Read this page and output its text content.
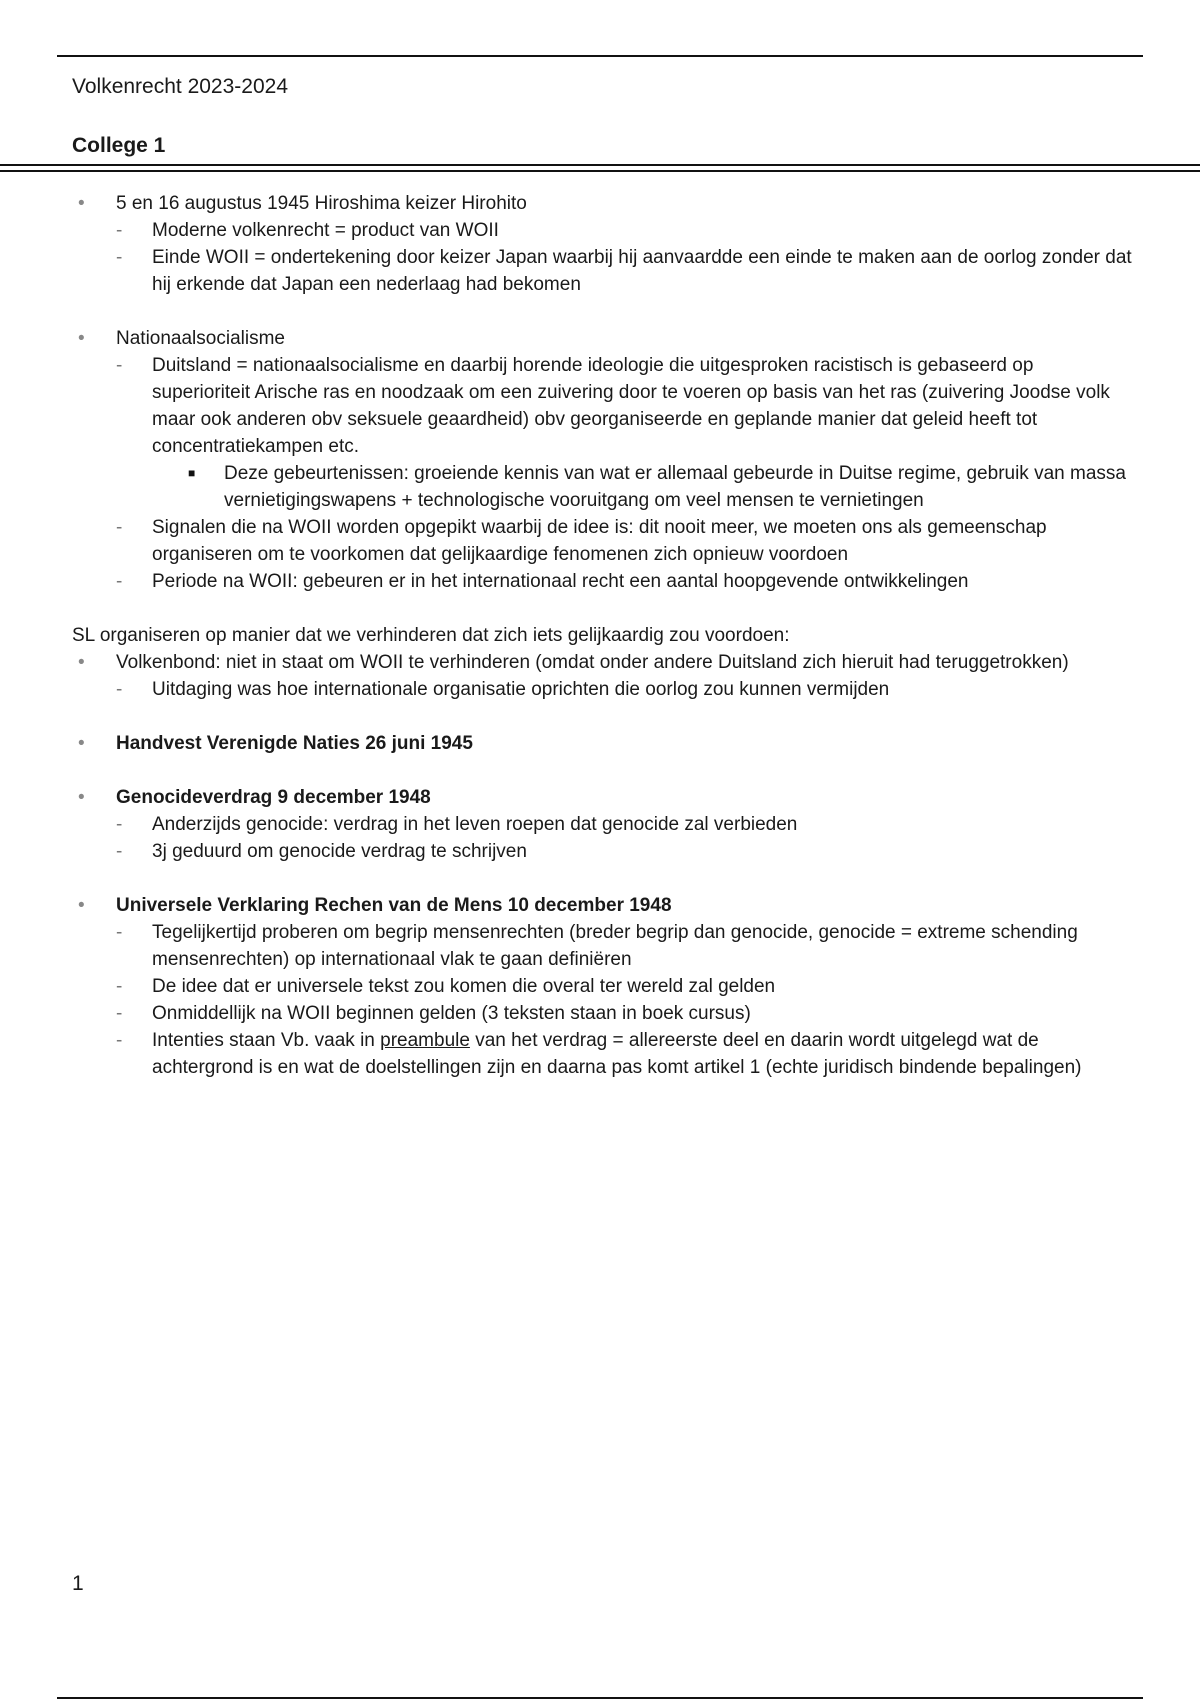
Volkenrecht 2023-2024
College 1
• 5 en 16 augustus 1945 Hiroshima keizer Hirohito
- Moderne volkenrecht = product van WOII
- Einde WOII = ondertekening door keizer Japan waarbij hij aanvaardde een einde te maken aan de oorlog zonder dat hij erkende dat Japan een nederlaag had bekomen
• Nationaalsocialisme
- Duitsland = nationaalsocialisme en daarbij horende ideologie die uitgesproken racistisch is gebaseerd op superioriteit Arische ras en noodzaak om een zuivering door te voeren op basis van het ras (zuivering Joodse volk maar ook anderen obv seksuele geaardheid) obv georganiseerde en geplande manier dat geleid heeft tot concentratiekampen etc.
■ Deze gebeurtenissen: groeiende kennis van wat er allemaal gebeurde in Duitse regime, gebruik van massa vernietigingswapens + technologische vooruitgang om veel mensen te vernietingen
- Signalen die na WOII worden opgepikt waarbij de idee is: dit nooit meer, we moeten ons als gemeenschap organiseren om te voorkomen dat gelijkaardige fenomenen zich opnieuw voordoen
- Periode na WOII: gebeuren er in het internationaal recht een aantal hoopgevende ontwikkelingen
SL organiseren op manier dat we verhinderen dat zich iets gelijkaardig zou voordoen:
• Volkenbond: niet in staat om WOII te verhinderen (omdat onder andere Duitsland zich hieruit had teruggetrokken)
- Uitdaging was hoe internationale organisatie oprichten die oorlog zou kunnen vermijden
• Handvest Verenigde Naties 26 juni 1945
• Genocideverdrag 9 december 1948
- Anderzijds genocide: verdrag in het leven roepen dat genocide zal verbieden
- 3j geduurd om genocide verdrag te schrijven
• Universele Verklaring Rechen van de Mens 10 december 1948
- Tegelijkertijd proberen om begrip mensenrechten (breder begrip dan genocide, genocide = extreme schending mensenrechten) op internationaal vlak te gaan definiëren
- De idee dat er universele tekst zou komen die overal ter wereld zal gelden
- Onmiddellijk na WOII beginnen gelden (3 teksten staan in boek cursus)
- Intenties staan Vb. vaak in preambule van het verdrag = allereerste deel en daarin wordt uitgelegd wat de achtergrond is en wat de doelstellingen zijn en daarna pas komt artikel 1 (echte juridisch bindende bepalingen)
1
